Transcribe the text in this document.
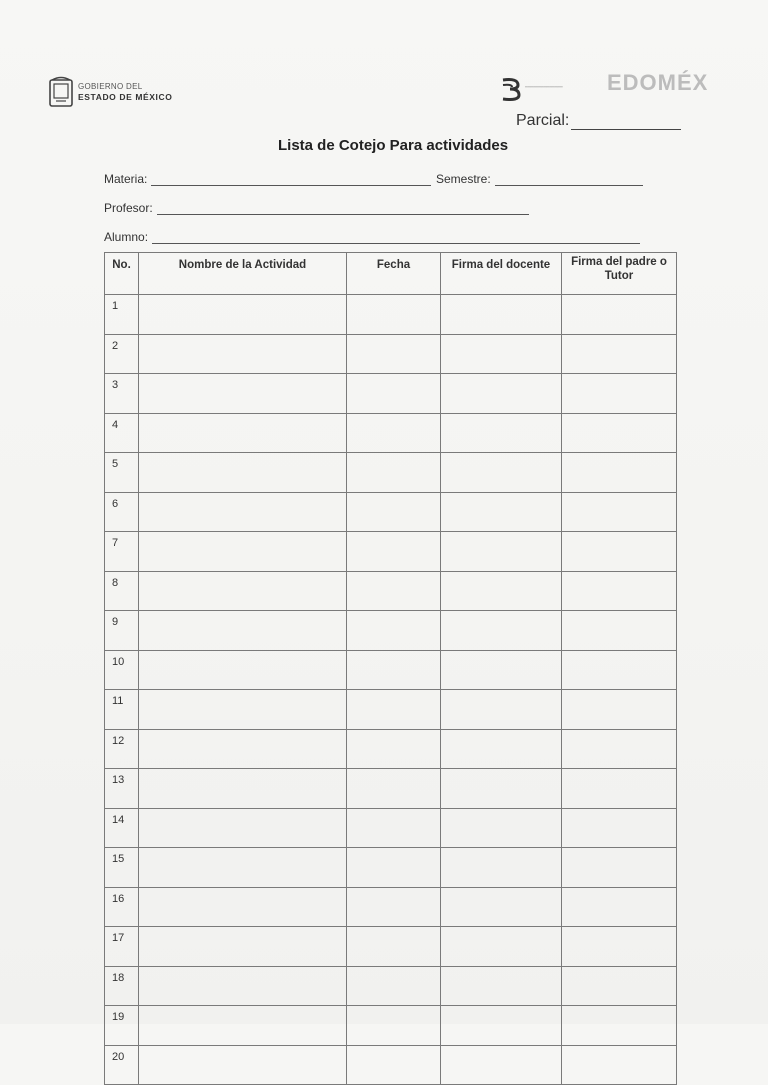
GOBIERNO DEL
ESTADO DE MÉXICO
▔▔▔▔▔▔▔▔▔▔▔▔▔▔	EDOMÉX
Parcial:
Lista de Cotejo Para actividades
Materia:	Semestre:
Profesor:
Alumno:
No.	Nombre de la Actividad	Fecha	Firma del docente	Firma del padre o Tutor
1				
2				
3				
4				
5				
6				
7				
8				
9				
10				
11				
12				
13				
14				
15				
16				
17				
18				
19				
20				
